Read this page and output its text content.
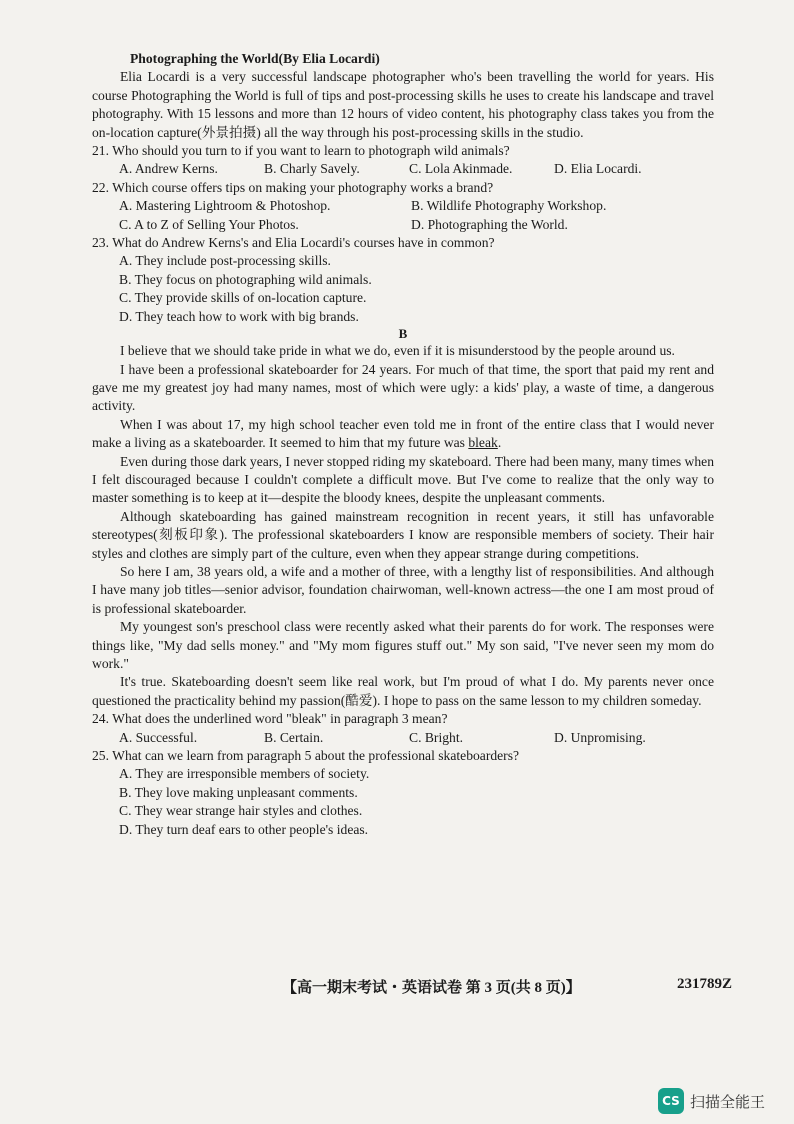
Photographing the World(By Elia Locardi)

Elia Locardi is a very successful landscape photographer who's been travelling the world for years. His course Photographing the World is full of tips and post-processing skills he uses to create his landscape and travel photography. With 15 lessons and more than 12 hours of video content, his photography class takes you from the on-location capture(外景拍摄) all the way through his post-processing skills in the studio.

21. Who should you turn to if you want to learn to photograph wild animals?

A. Andrew Kerns.	B. Charly Savely.	C. Lola Akinmade.	D. Elia Locardi.

22. Which course offers tips on making your photography works a brand?

A. Mastering Lightroom & Photoshop.	B. Wildlife Photography Workshop.
C. A to Z of Selling Your Photos.	D. Photographing the World.

23. What do Andrew Kerns's and Elia Locardi's courses have in common?

A. They include post-processing skills.
B. They focus on photographing wild animals.
C. They provide skills of on-location capture.
D. They teach how to work with big brands.
B

I believe that we should take pride in what we do, even if it is misunderstood by the people around us.

I have been a professional skateboarder for 24 years. For much of that time, the sport that paid my rent and gave me my greatest joy had many names, most of which were ugly: a kids' play, a waste of time, a dangerous activity.

When I was about 17, my high school teacher even told me in front of the entire class that I would never make a living as a skateboarder. It seemed to him that my future was bleak.

Even during those dark years, I never stopped riding my skateboard. There had been many, many times when I felt discouraged because I couldn't complete a difficult move. But I've come to realize that the only way to master something is to keep at it—despite the bloody knees, despite the unpleasant comments.

Although skateboarding has gained mainstream recognition in recent years, it still has unfavorable stereotypes(刻板印象). The professional skateboarders I know are responsible members of society. Their hair styles and clothes are simply part of the culture, even when they appear strange during competitions.

So here I am, 38 years old, a wife and a mother of three, with a lengthy list of responsibilities. And although I have many job titles—senior advisor, foundation chairwoman, well-known actress—the one I am most proud of is professional skateboarder.

My youngest son's preschool class were recently asked what their parents do for work. The responses were things like, "My dad sells money." and "My mom figures stuff out." My son said, "I've never seen my mom do work."

It's true. Skateboarding doesn't seem like real work, but I'm proud of what I do. My parents never once questioned the practicality behind my passion(酷爱). I hope to pass on the same lesson to my children someday.

24. What does the underlined word "bleak" in paragraph 3 mean?

A. Successful.	B. Certain.	C. Bright.	D. Unpromising.

25. What can we learn from paragraph 5 about the professional skateboarders?

A. They are irresponsible members of society.
B. They love making unpleasant comments.
C. They wear strange hair styles and clothes.
D. They turn deaf ears to other people's ideas.
【高一期末考试・英语试卷 第 3 页(共 8 页)】	231789Z
CS 扫描全能王
